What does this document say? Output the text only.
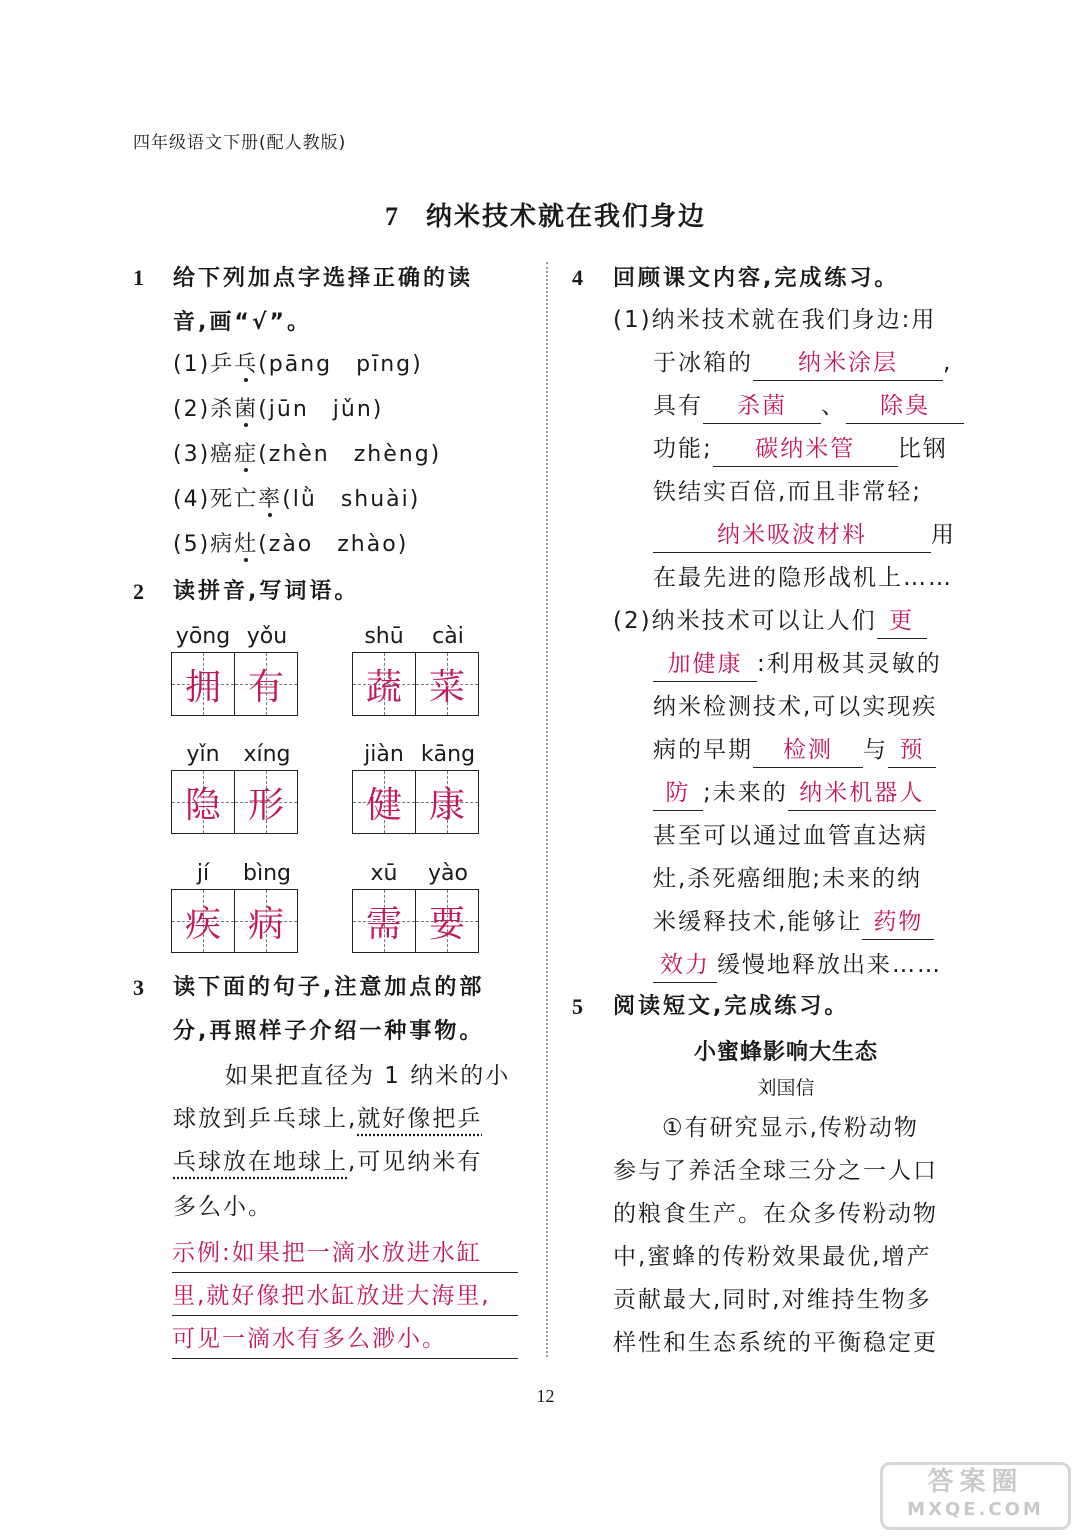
四年级语文下册(配人教版)
7 纳米技术就在我们身边
1 给下列加点字选择正确的读
音,画“√”。
(1)乒乓(pāng　pīng)
(2)杀菌(jūn　jǔn)
(3)癌症(zhèn　zhèng)
(4)死亡率(lǜ　shuài)
(5)病灶(zào　zhào)
2 读拼音,写词语。
yōng yǒu
拥 有
shū	cài
蔬 菜
yǐn	xíng
隐 形
jiàn kāng
健 康
jí	bìng
疾 病
xū	yào
需 要
3 读下面的句子,注意加点的部
分,再照样子介绍一种事物。
如果把直径为 1 纳米的小
球放到乒乓球上,就好像把乒
乓球放在地球上,可见纳米有
多么小。
示例:如果把一滴水放进水缸
里,就好像把水缸放进大海里,
可见一滴水有多么渺小。
4 回顾课文内容,完成练习。
(1)纳米技术就在我们身边:用
于冰箱的 纳米涂层 ,
具有 杀菌 、 除臭
功能; 碳纳米管 比钢
铁结实百倍,而且非常轻;
纳米吸波材料	用
在最先进的隐形战机上……
(2)纳米技术可以让人们 更
加健康 :利用极其灵敏的
纳米检测技术,可以实现疾
病的早期 检测 与 预
防 ;未来的 纳米机器人
甚至可以通过血管直达病
灶,杀死癌细胞;未来的纳
米缓释技术,能够让 药物
效力 缓慢地释放出来……
5 阅读短文,完成练习。
小蜜蜂影响大生态
刘国信
①有研究显示,传粉动物
参与了养活全球三分之一人口
的粮食生产。在众多传粉动物
中,蜜蜂的传粉效果最优,增产
贡献最大,同时,对维持生物多
样性和生态系统的平衡稳定更
12
答案圈
MXQE.COM
